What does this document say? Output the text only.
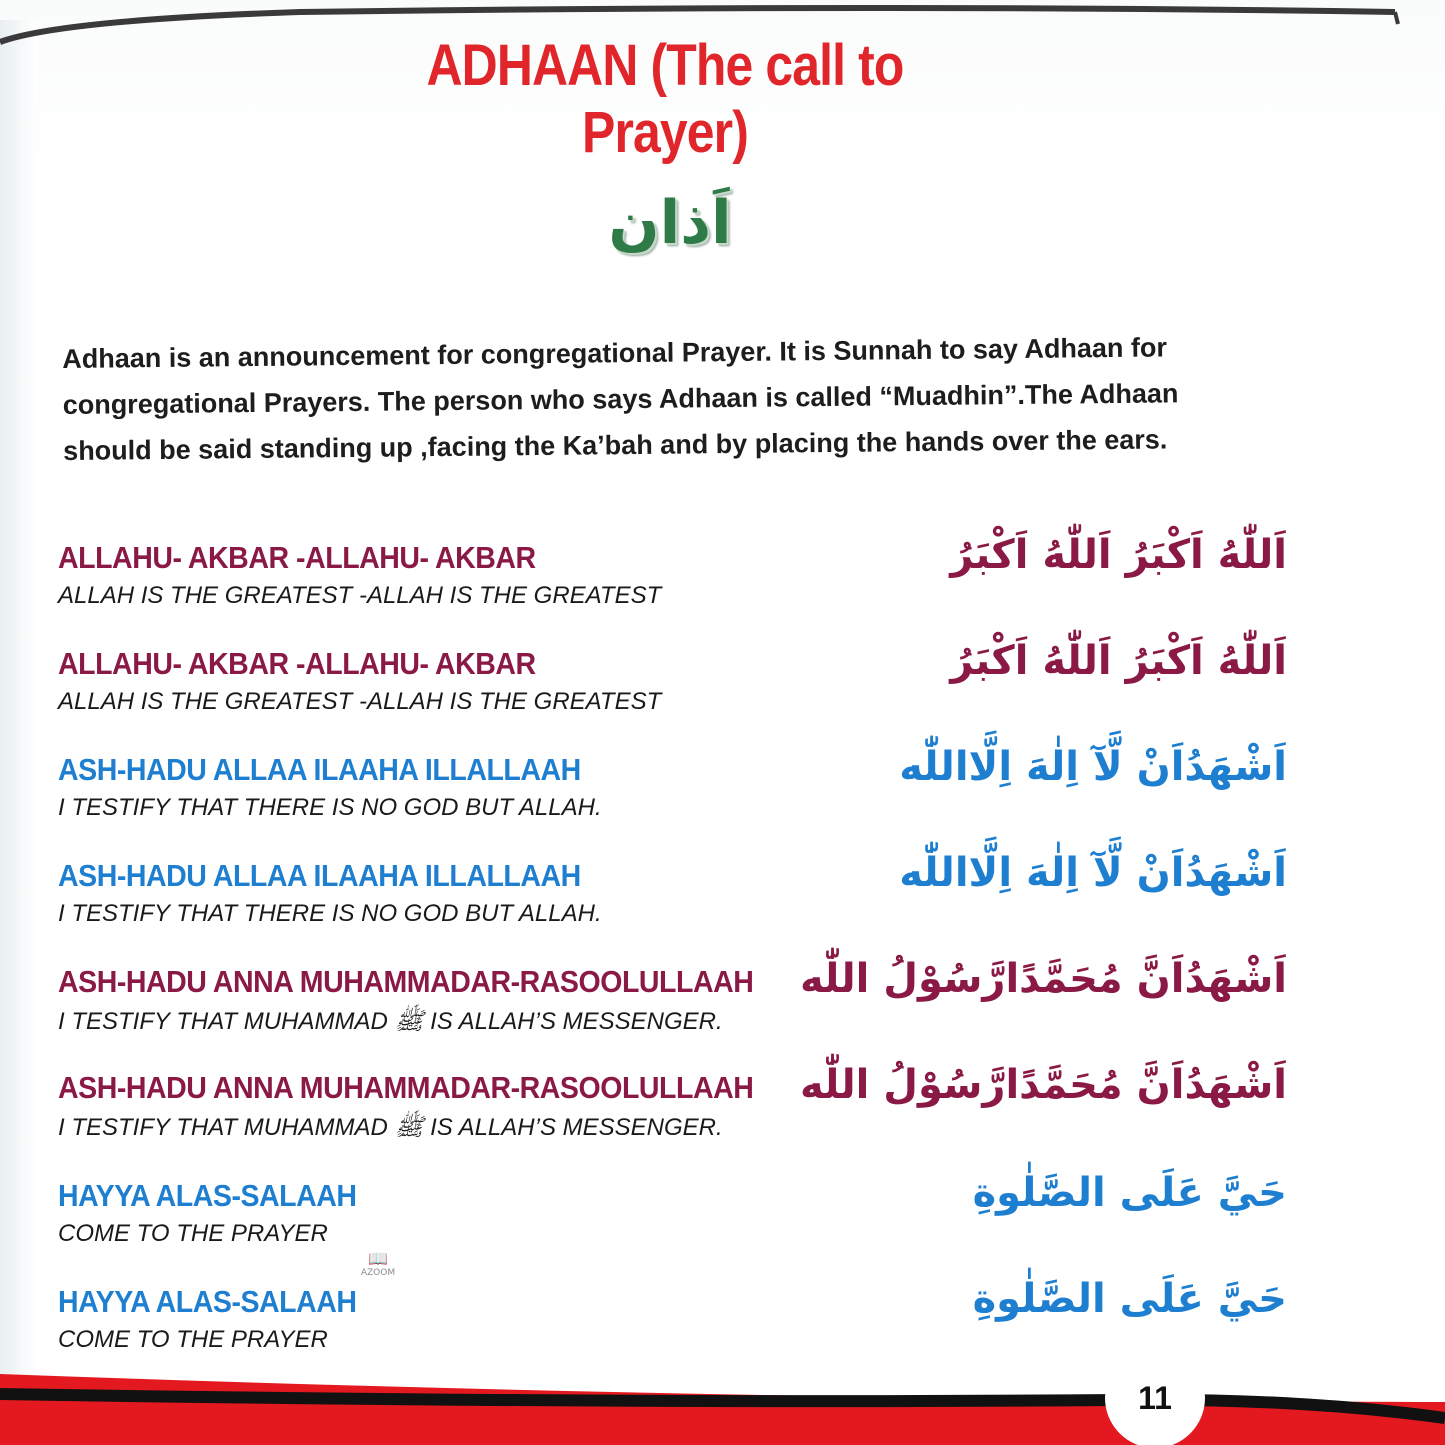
ADHAAN (The call to Prayer)
اَذان
Adhaan is an announcement for congregational Prayer. It is Sunnah to say Adhaan for
congregational Prayers. The person who says Adhaan is called “Muadhin”.The Adhaan
should be said standing up ,facing the Ka’bah and by placing the hands over the ears.
ALLAHU- AKBAR -ALLAHU- AKBAR
ALLAH IS THE GREATEST -ALLAH IS THE GREATEST
اَللّٰهُ اَكْبَرُ اَللّٰهُ اَكْبَرُ
ALLAHU- AKBAR -ALLAHU- AKBAR
ALLAH IS THE GREATEST -ALLAH IS THE GREATEST
اَللّٰهُ اَكْبَرُ اَللّٰهُ اَكْبَرُ
ASH-HADU ALLAA ILAAHA ILLALLAAH
I TESTIFY THAT THERE IS NO GOD BUT ALLAH.
اَشْهَدُاَنْ لَّآ اِلٰهَ اِلَّااللّٰه
ASH-HADU ALLAA ILAAHA ILLALLAAH
I TESTIFY THAT THERE IS NO GOD BUT ALLAH.
اَشْهَدُاَنْ لَّآ اِلٰهَ اِلَّااللّٰه
ASH-HADU ANNA MUHAMMADAR-RASOOLULLAAH
I TESTIFY THAT MUHAMMAD ﷺ IS ALLAH’S MESSENGER.
اَشْهَدُاَنَّ مُحَمَّدًارَّسُوْلُ اللّٰه
ASH-HADU ANNA MUHAMMADAR-RASOOLULLAAH
I TESTIFY THAT MUHAMMAD ﷺ IS ALLAH’S MESSENGER.
اَشْهَدُاَنَّ مُحَمَّدًارَّسُوْلُ اللّٰه
HAYYA ALAS-SALAAH
COME TO THE PRAYER
حَيَّ عَلَى الصَّلٰوةِ
HAYYA ALAS-SALAAH
COME TO THE PRAYER
حَيَّ عَلَى الصَّلٰوةِ
📖
AZOOM
11
